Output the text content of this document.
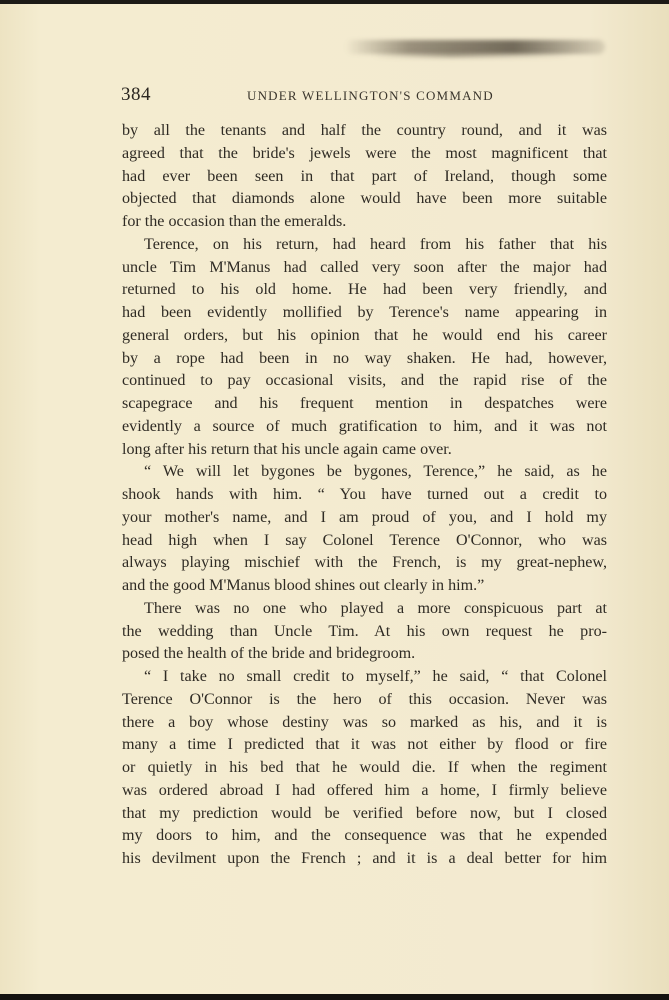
384	UNDER WELLINGTON'S COMMAND
by all the tenants and half the country round, and it was
agreed that the bride's jewels were the most magnificent that
had ever been seen in that part of Ireland, though some
objected that diamonds alone would have been more suitable
for the occasion than the emeralds.
Terence, on his return, had heard from his father that his
uncle Tim M'Manus had called very soon after the major had
returned to his old home. He had been very friendly, and
had been evidently mollified by Terence's name appearing in
general orders, but his opinion that he would end his career
by a rope had been in no way shaken. He had, however,
continued to pay occasional visits, and the rapid rise of the
scapegrace and his frequent mention in despatches were
evidently a source of much gratification to him, and it was not
long after his return that his uncle again came over.
“ We will let bygones be bygones, Terence,” he said, as he
shook hands with him. “ You have turned out a credit to
your mother's name, and I am proud of you, and I hold my
head high when I say Colonel Terence O'Connor, who was
always playing mischief with the French, is my great-nephew,
and the good M'Manus blood shines out clearly in him.”
There was no one who played a more conspicuous part at
the wedding than Uncle Tim. At his own request he pro-
posed the health of the bride and bridegroom.
“ I take no small credit to myself,” he said, “ that Colonel
Terence O'Connor is the hero of this occasion. Never was
there a boy whose destiny was so marked as his, and it is
many a time I predicted that it was not either by flood or fire
or quietly in his bed that he would die. If when the regiment
was ordered abroad I had offered him a home, I firmly believe
that my prediction would be verified before now, but I closed
my doors to him, and the consequence was that he expended
his devilment upon the French ; and it is a deal better for him
